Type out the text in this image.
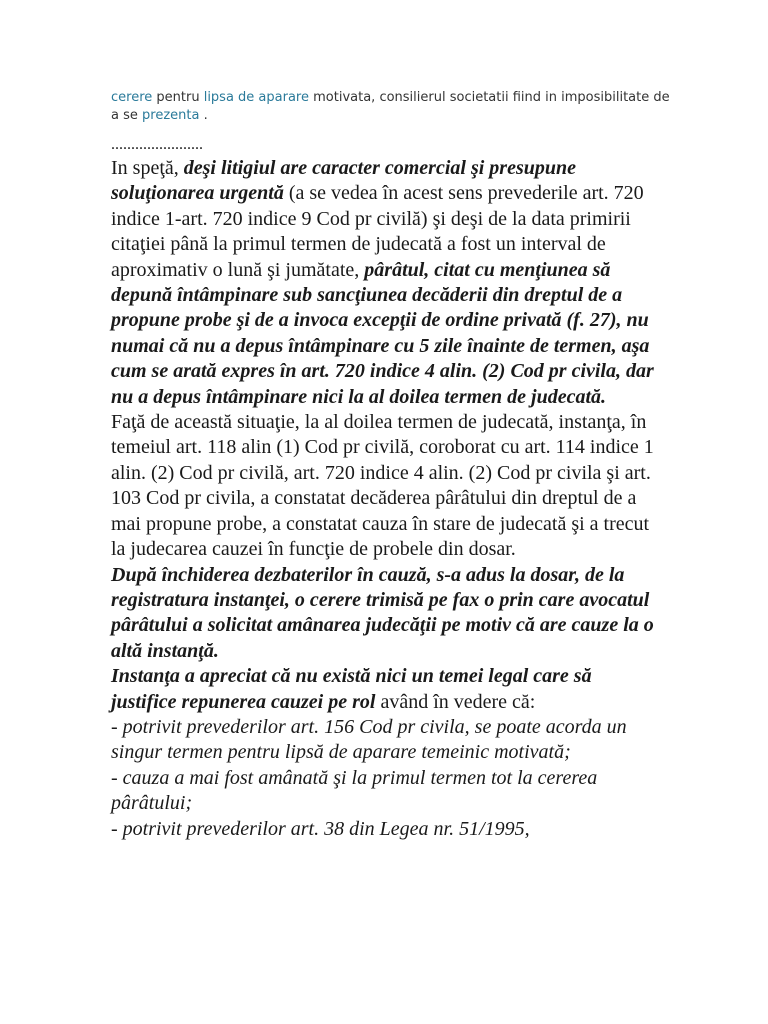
cerere pentru lipsa de aparare motivata, consilierul societatii fiind in imposibilitate de a se prezenta .
.......................

In speţă, deşi litigiul are caracter comercial şi presupune soluţionarea urgentă (a se vedea în acest sens prevederile art. 720 indice 1-art. 720 indice 9 Cod pr civilă) şi deşi de la data primirii citaţiei până la primul termen de judecată a fost un interval de aproximativ o lună şi jumătate, pârâtul, citat cu menţiunea să depună întâmpinare sub sancţiunea decăderii din dreptul de a propune probe şi de a invoca excepţii de ordine privată (f. 27), nu numai că nu a depus întâmpinare cu 5 zile înainte de termen, aşa cum se arată expres în art. 720 indice 4 alin. (2) Cod pr civila, dar nu a depus întâmpinare nici la al doilea termen de judecată.

Faţă de această situaţie, la al doilea termen de judecată, instanţa, în temeiul art. 118 alin (1) Cod pr civilă, coroborat cu art. 114 indice 1 alin. (2) Cod pr civilă, art. 720 indice 4 alin. (2) Cod pr civila şi art. 103 Cod pr civila, a constatat decăderea pârâtului din dreptul de a mai propune probe, a constatat cauza în stare de judecată şi a trecut la judecarea cauzei în funcţie de probele din dosar.

După închiderea dezbaterilor în cauză, s-a adus la dosar, de la registratura instanţei, o cerere trimisă pe fax o prin care avocatul pârâtului a solicitat amânarea judecăţii pe motiv că are cauze la o altă instanţă.

Instanţa a apreciat că nu există nici un temei legal care să justifice repunerea cauzei pe rol având în vedere că:

- potrivit prevederilor art. 156 Cod pr civila, se poate acorda un singur termen pentru lipsă de aparare temeinic motivată;

- cauza a mai fost amânată şi la primul termen tot la cererea pârâtului;

- potrivit prevederilor art. 38 din Legea nr. 51/1995,
